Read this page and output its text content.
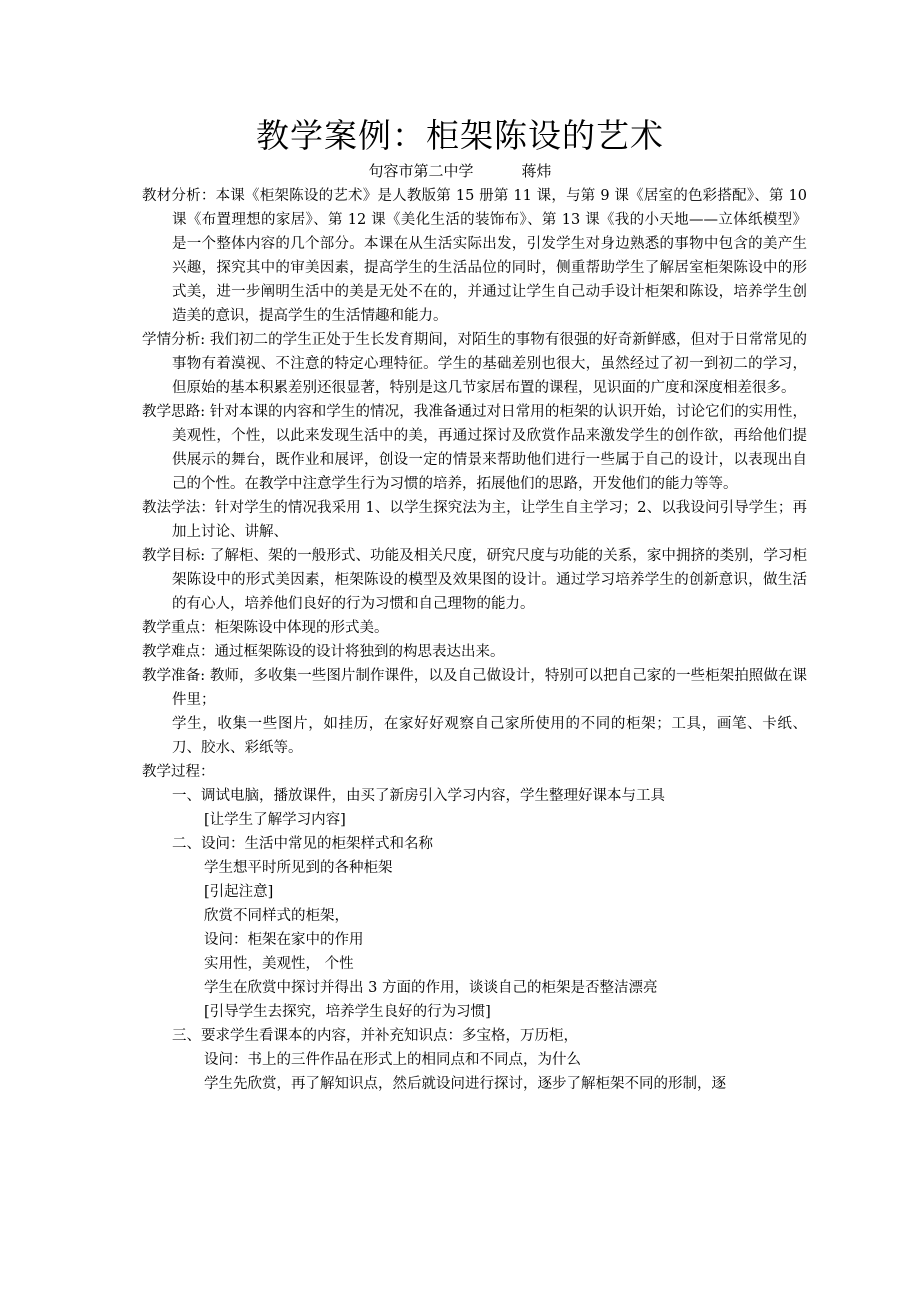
教学案例：柜架陈设的艺术
句容市第二中学	蒋炜

教材分析：本课《柜架陈设的艺术》是人教版第 15 册第 11 课，与第 9 课《居室的色彩搭配》、第 10 课《布置理想的家居》、第 12 课《美化生活的装饰布》、第 13 课《我的小天地——立体纸模型》是一个整体内容的几个部分。本课在从生活实际出发，引发学生对身边熟悉的事物中包含的美产生兴趣，探究其中的审美因素，提高学生的生活品位的同时，侧重帮助学生了解居室柜架陈设中的形式美，进一步阐明生活中的美是无处不在的，并通过让学生自己动手设计柜架和陈设，培养学生创造美的意识，提高学生的生活情趣和能力。

学情分析: 我们初二的学生正处于生长发育期间，对陌生的事物有很强的好奇新鲜感，但对于日常常见的事物有着漠视、不注意的特定心理特征。学生的基础差别也很大，虽然经过了初一到初二的学习，但原始的基本积累差别还很显著，特别是这几节家居布置的课程，见识面的广度和深度相差很多。

教学思路: 针对本课的内容和学生的情况，我准备通过对日常用的柜架的认识开始，讨论它们的实用性，美观性，个性，以此来发现生活中的美，再通过探讨及欣赏作品来激发学生的创作欲，再给他们提供展示的舞台，既作业和展评，创设一定的情景来帮助他们进行一些属于自己的设计，以表现出自己的个性。在教学中注意学生行为习惯的培养，拓展他们的思路，开发他们的能力等等。

教法学法：针对学生的情况我采用 1、以学生探究法为主，让学生自主学习；2、以我设问引导学生；再加上讨论、讲解、

教学目标: 了解柜、架的一般形式、功能及相关尺度，研究尺度与功能的关系，家中拥挤的类别，学习柜架陈设中的形式美因素，柜架陈设的模型及效果图的设计。通过学习培养学生的创新意识，做生活的有心人，培养他们良好的行为习惯和自己理物的能力。

教学重点：柜架陈设中体现的形式美。

教学难点：通过框架陈设的设计将独到的构思表达出来。

教学准备: 教师，多收集一些图片制作课件，以及自己做设计，特别可以把自己家的一些柜架拍照做在课件里；

学生，收集一些图片，如挂历，在家好好观察自己家所使用的不同的柜架；工具，画笔、卡纸、刀、胶水、彩纸等。

教学过程：

一、调试电脑，播放课件，由买了新房引入学习内容，学生整理好课本与工具

[让学生了解学习内容]

二、设问：生活中常见的柜架样式和名称

学生想平时所见到的各种柜架

[引起注意]

欣赏不同样式的柜架，

设问：柜架在家中的作用

实用性，美观性， 个性

学生在欣赏中探讨并得出 3 方面的作用，谈谈自己的柜架是否整洁漂亮

[引导学生去探究，培养学生良好的行为习惯]

三、要求学生看课本的内容，并补充知识点：多宝格，万历柜，

设问：书上的三件作品在形式上的相同点和不同点，为什么

学生先欣赏，再了解知识点，然后就设问进行探讨，逐步了解柜架不同的形制，逐
